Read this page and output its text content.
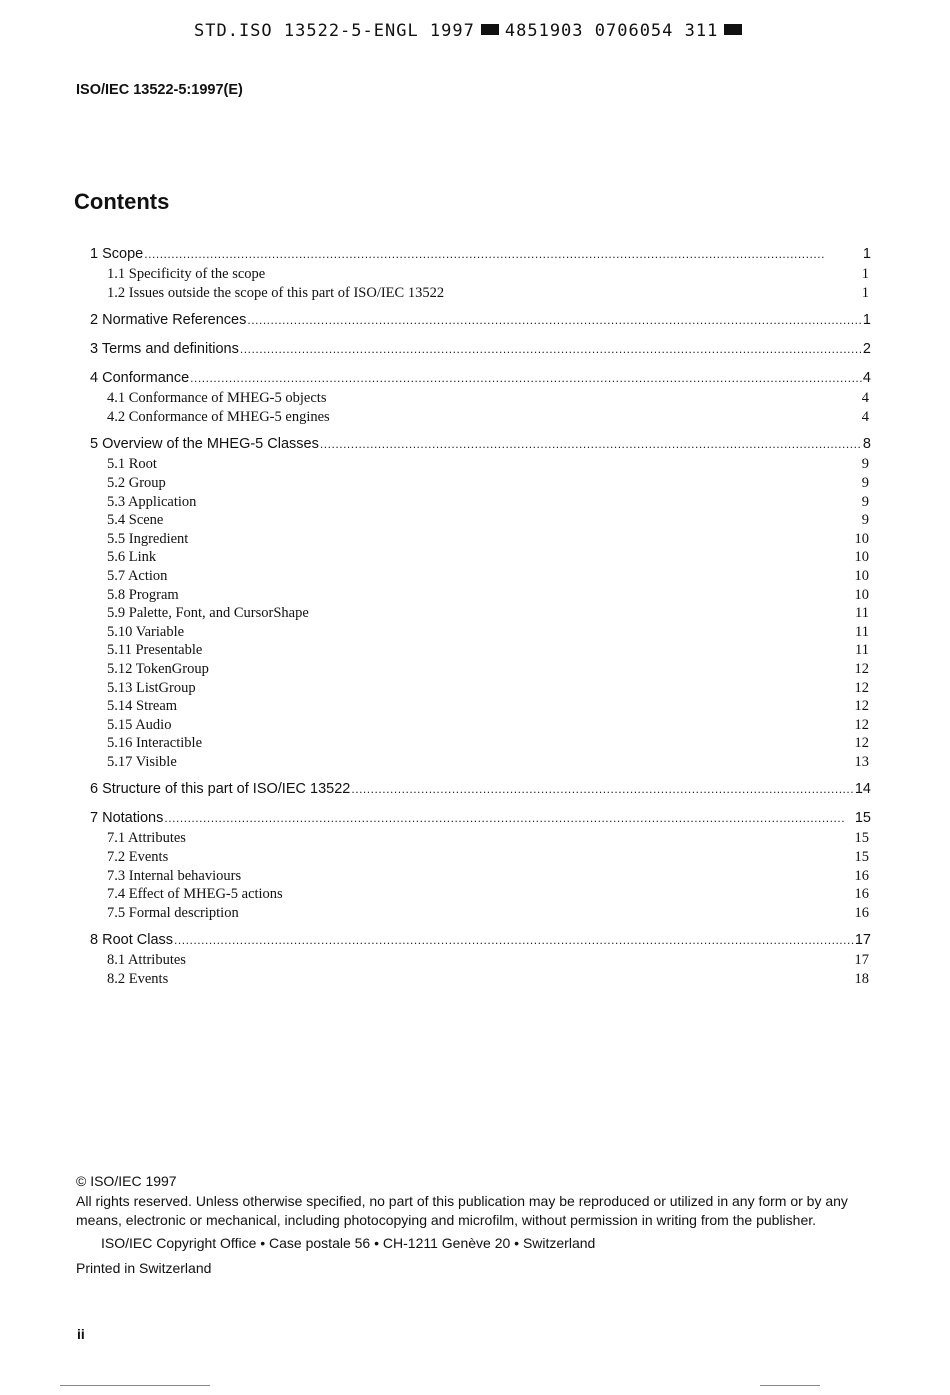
STD.ISO 13522-5-ENGL 1997 4851903 0706054 311
ISO/IEC 13522-5:1997(E)
Contents
1 Scope . . .	1
1.1 Specificity of the scope	1
1.2 Issues outside the scope of this part of ISO/IEC 13522	1
2 Normative References . . .	1
3 Terms and definitions . . .	2
4 Conformance . . .	4
4.1 Conformance of MHEG-5 objects	4
4.2 Conformance of MHEG-5 engines	4
5 Overview of the MHEG-5 Classes . . .	8
5.1 Root	9
5.2 Group	9
5.3 Application	9
5.4 Scene	9
5.5 Ingredient	10
5.6 Link	10
5.7 Action	10
5.8 Program	10
5.9 Palette, Font, and CursorShape	11
5.10 Variable	11
5.11 Presentable	11
5.12 TokenGroup	12
5.13 ListGroup	12
5.14 Stream	12
5.15 Audio	12
5.16 Interactible	12
5.17 Visible	13
6 Structure of this part of ISO/IEC 13522 . . .	14
7 Notations . . .	15
7.1 Attributes	15
7.2 Events	15
7.3 Internal behaviours	16
7.4 Effect of MHEG-5 actions	16
7.5 Formal description	16
8 Root Class . . .	17
8.1 Attributes	17
8.2 Events	18

© ISO/IEC 1997

All rights reserved. Unless otherwise specified, no part of this publication may be reproduced or utilized in any form or by any means, electronic or mechanical, including photocopying and microfilm, without permission in writing from the publisher.

ISO/IEC Copyright Office • Case postale 56 • CH-1211 Genève 20 • Switzerland

Printed in Switzerland

ii
